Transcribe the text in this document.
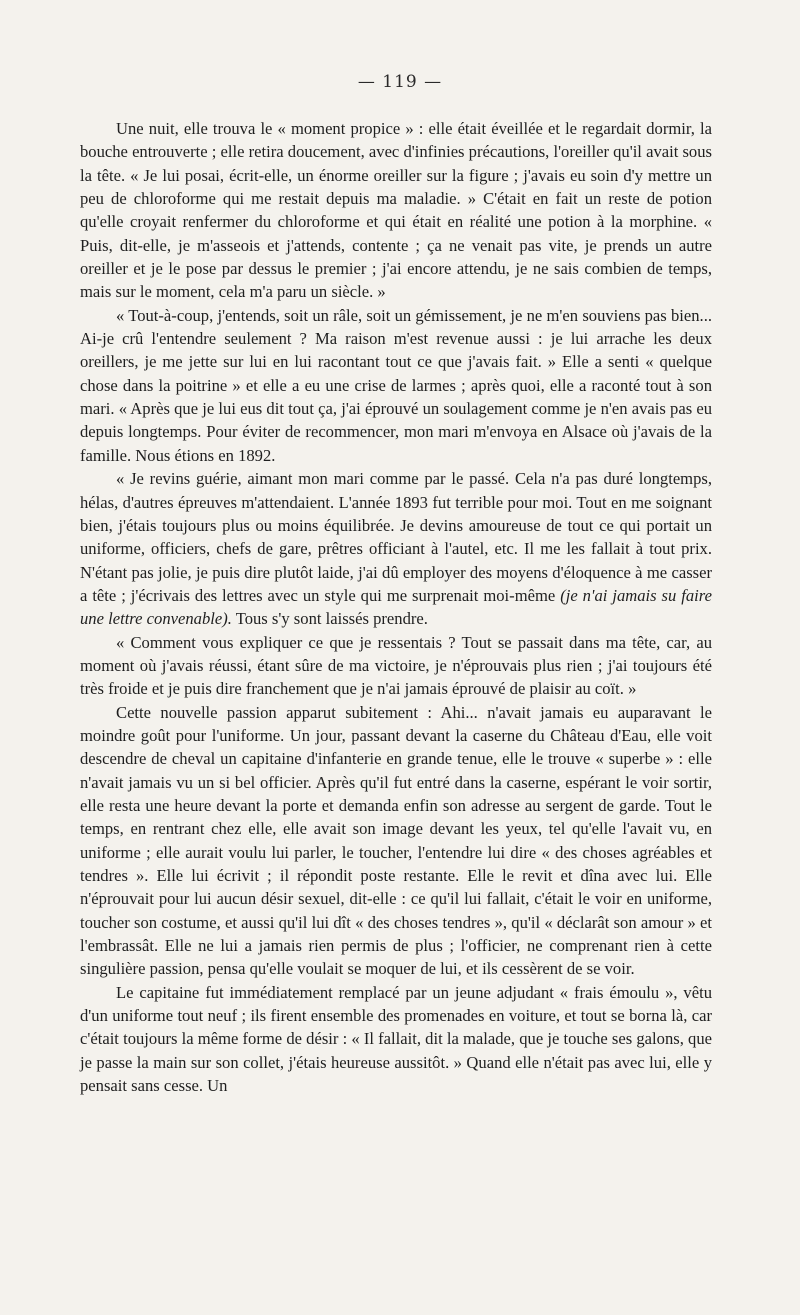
— 119 —

Une nuit, elle trouva le « moment propice » : elle était éveillée et le regardait dormir, la bouche entrouverte ; elle retira doucement, avec d'infinies précautions, l'oreiller qu'il avait sous la tête. « Je lui posai, écrit-elle, un énorme oreiller sur la figure ; j'avais eu soin d'y mettre un peu de chloroforme qui me restait depuis ma maladie. » C'était en fait un reste de potion qu'elle croyait renfermer du chloroforme et qui était en réalité une potion à la morphine. « Puis, dit-elle, je m'asseois et j'attends, contente ; ça ne venait pas vite, je prends un autre oreiller et je le pose par dessus le premier ; j'ai encore attendu, je ne sais combien de temps, mais sur le moment, cela m'a paru un siècle. »

« Tout-à-coup, j'entends, soit un râle, soit un gémissement, je ne m'en souviens pas bien... Ai-je crû l'entendre seulement ? Ma raison m'est revenue aussi : je lui arrache les deux oreillers, je me jette sur lui en lui racontant tout ce que j'avais fait. » Elle a senti « quelque chose dans la poitrine » et elle a eu une crise de larmes ; après quoi, elle a raconté tout à son mari. « Après que je lui eus dit tout ça, j'ai éprouvé un soulagement comme je n'en avais pas eu depuis longtemps. Pour éviter de recommencer, mon mari m'envoya en Alsace où j'avais de la famille. Nous étions en 1892.

« Je revins guérie, aimant mon mari comme par le passé. Cela n'a pas duré longtemps, hélas, d'autres épreuves m'attendaient. L'année 1893 fut terrible pour moi. Tout en me soignant bien, j'étais toujours plus ou moins équilibrée. Je devins amoureuse de tout ce qui portait un uniforme, officiers, chefs de gare, prêtres officiant à l'autel, etc. Il me les fallait à tout prix. N'étant pas jolie, je puis dire plutôt laide, j'ai dû employer des moyens d'éloquence à me casser a tête ; j'écrivais des lettres avec un style qui me surprenait moi-même (je n'ai jamais su faire une lettre convenable). Tous s'y sont laissés prendre.

« Comment vous expliquer ce que je ressentais ? Tout se passait dans ma tête, car, au moment où j'avais réussi, étant sûre de ma victoire, je n'éprouvais plus rien ; j'ai toujours été très froide et je puis dire franchement que je n'ai jamais éprouvé de plaisir au coït. »

Cette nouvelle passion apparut subitement : Ahi... n'avait jamais eu auparavant le moindre goût pour l'uniforme. Un jour, passant devant la caserne du Château d'Eau, elle voit descendre de cheval un capitaine d'infanterie en grande tenue, elle le trouve « superbe » : elle n'avait jamais vu un si bel officier. Après qu'il fut entré dans la caserne, espérant le voir sortir, elle resta une heure devant la porte et demanda enfin son adresse au sergent de garde. Tout le temps, en rentrant chez elle, elle avait son image devant les yeux, tel qu'elle l'avait vu, en uniforme ; elle aurait voulu lui parler, le toucher, l'entendre lui dire « des choses agréables et tendres ». Elle lui écrivit ; il répondit poste restante. Elle le revit et dîna avec lui. Elle n'éprouvait pour lui aucun désir sexuel, dit-elle : ce qu'il lui fallait, c'était le voir en uniforme, toucher son costume, et aussi qu'il lui dît « des choses tendres », qu'il « déclarât son amour » et l'embrassât. Elle ne lui a jamais rien permis de plus ; l'officier, ne comprenant rien à cette singulière passion, pensa qu'elle voulait se moquer de lui, et ils cessèrent de se voir.

Le capitaine fut immédiatement remplacé par un jeune adjudant « frais émoulu », vêtu d'un uniforme tout neuf ; ils firent ensemble des promenades en voiture, et tout se borna là, car c'était toujours la même forme de désir : « Il fallait, dit la malade, que je touche ses galons, que je passe la main sur son collet, j'étais heureuse aussitôt. » Quand elle n'était pas avec lui, elle y pensait sans cesse. Un
